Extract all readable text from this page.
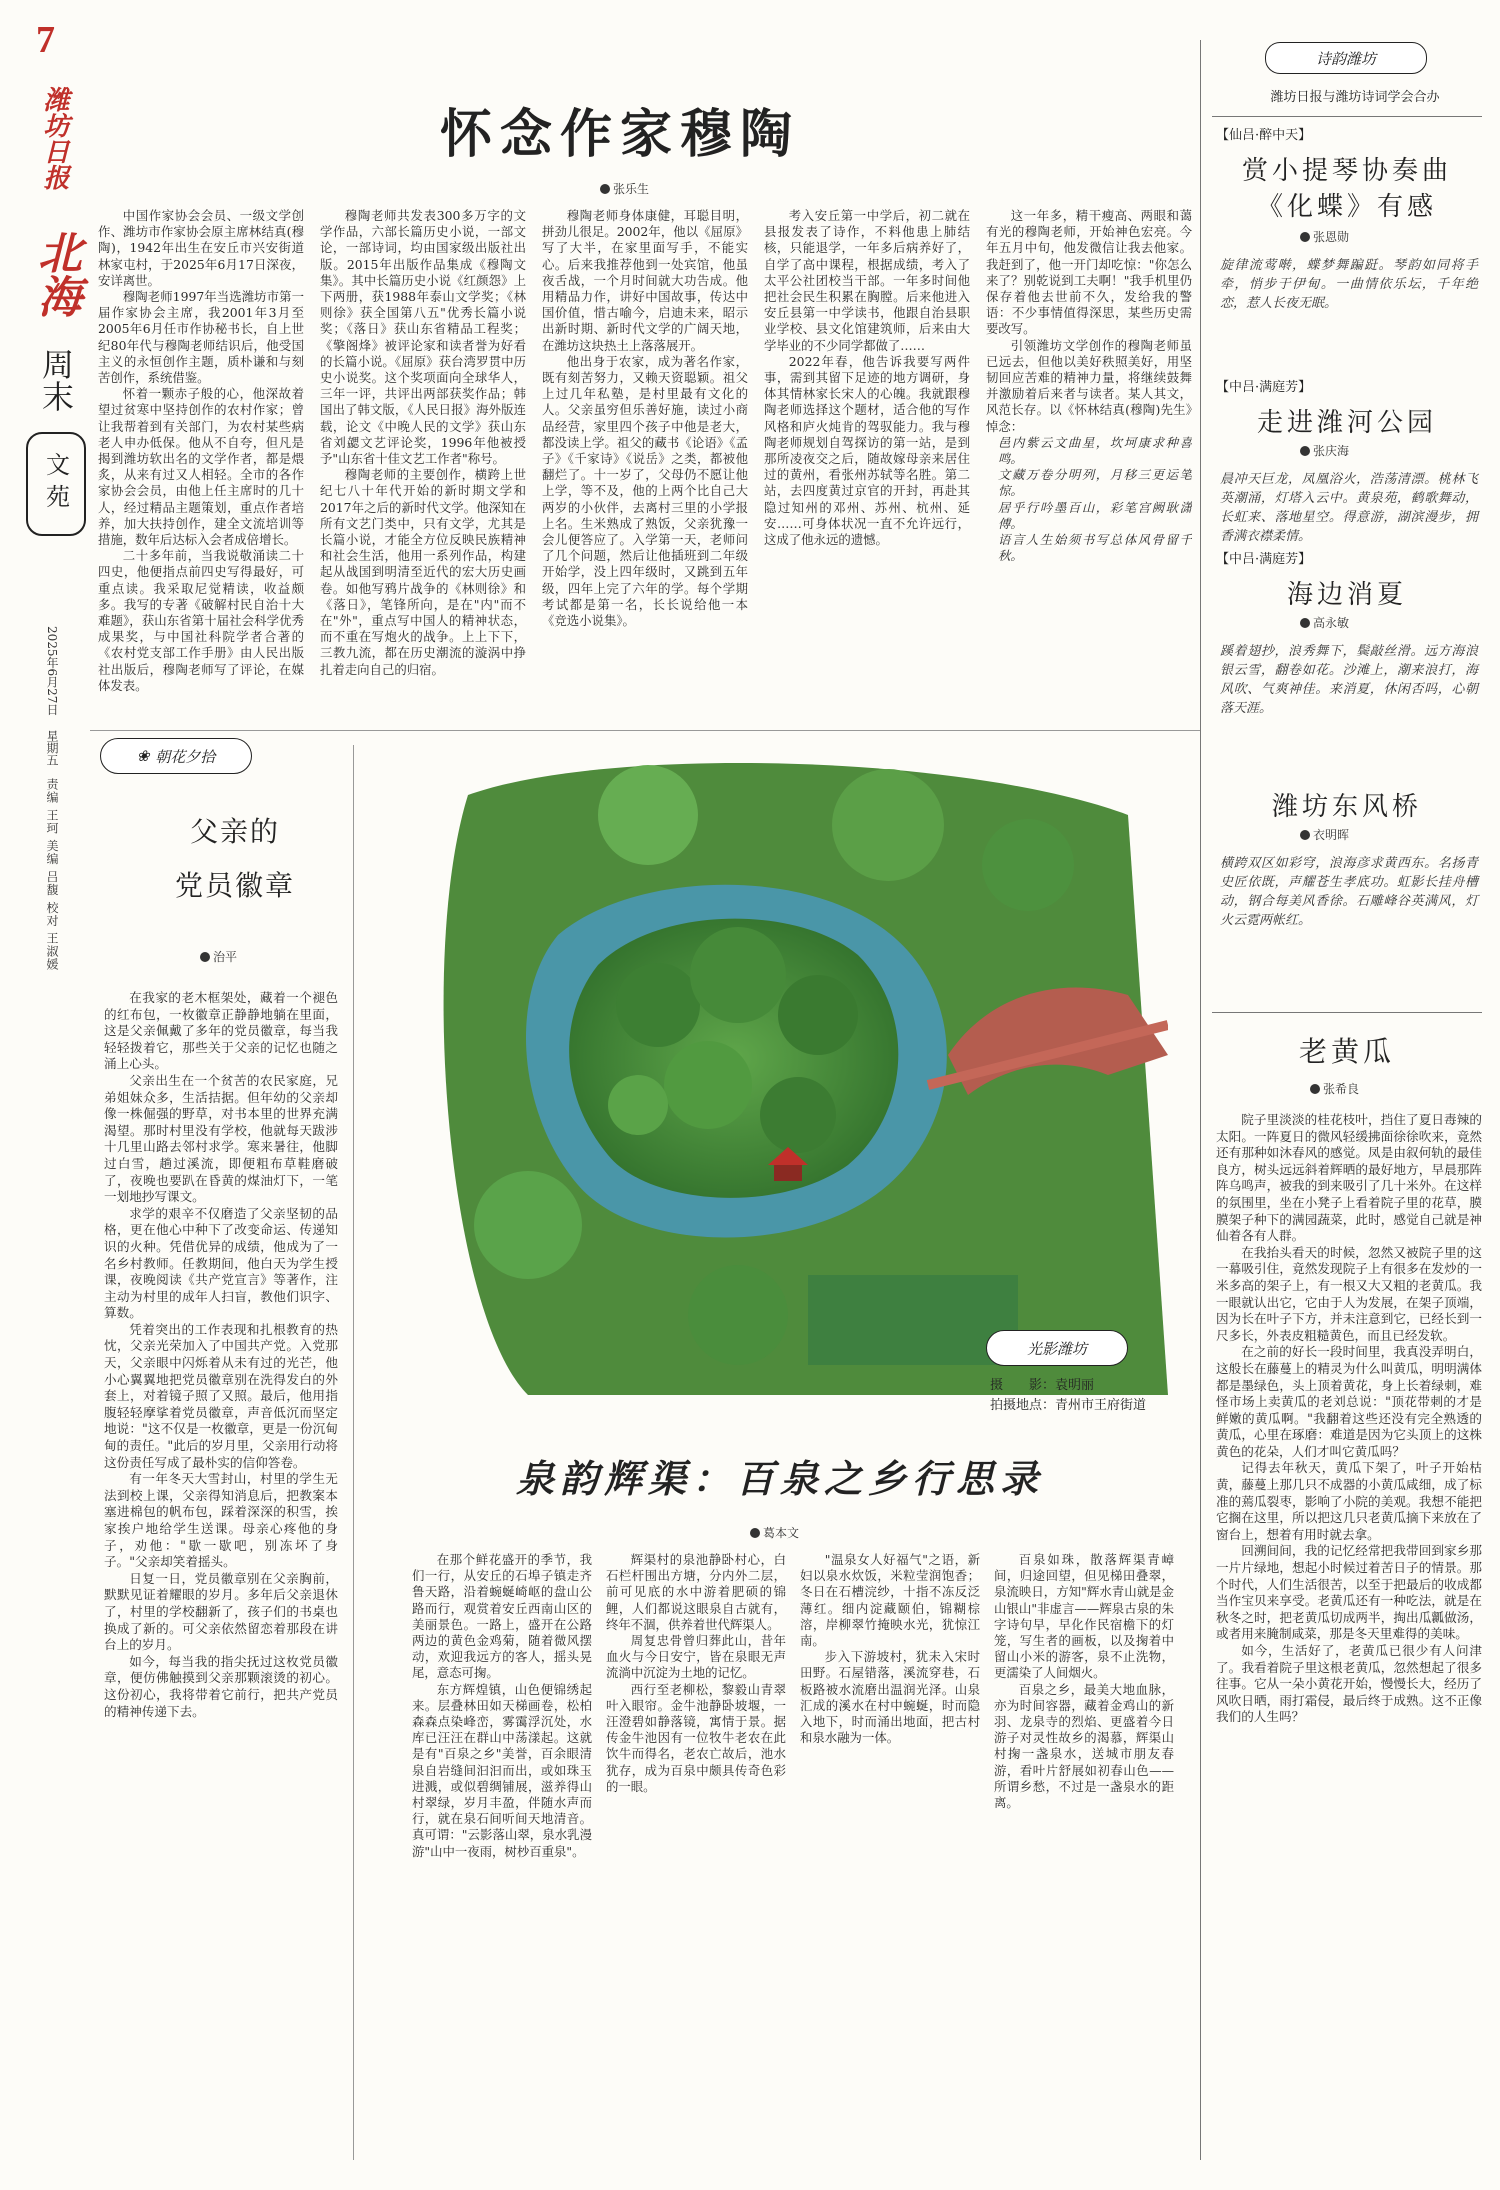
7
潍坊日报
北海
周末
文苑
2025年6月27日
星期五
责编 王珂 美编 吕馥 校对 王淑媛
怀念作家穆陶
张乐生

中国作家协会会员、一级文学创作、潍坊市作家协会原主席林结真(穆陶)，1942年出生在安丘市兴安街道林家屯村，于2025年6月17日深夜，安详离世。

穆陶老师1997年当选潍坊市第一届作家协会主席，我2001年3月至2005年6月任市作协秘书长，自上世纪80年代与穆陶老师结识后，他受国主义的永恒创作主题，质朴谦和与刻苦创作，系统借鉴。

怀着一颗赤子般的心，他深故着望过贫寒中坚持创作的农村作家；曾让我帮着到有关部门，为农村某些病老人申办低保。他从不自夸，但凡是揭到潍坊软出名的文学作者，都是煨炙，从来有过又人相轻。全市的各作家协会会员，由他上任主席时的几十人，经过精品主题策划，重点作者培养，加大扶持创作，建全文流培训等措施，数年后达标入会者成倍增长。

二十多年前，当我说敬涌读二十四史，他便指点前四史写得最好，可重点读。我采取尼觉精读，收益颇多。我写的专著《破解村民自治十大难题》，获山东省第十届社会科学优秀成果奖，与中国社科院学者合著的《农村党支部工作手册》由人民出版社出版后，穆陶老师写了评论，在媒体发表。

穆陶老师共发表300多万字的文学作品，六部长篇历史小说，一部文论，一部诗词，均由国家级出版社出版。2015年出版作品集成《穆陶文集》。其中长篇历史小说《红颜怨》上下两册，获1988年泰山文学奖；《林则徐》获全国第八五"优秀长篇小说奖；《落日》获山东省精品工程奖；《擎阁烽》被评论家和读者誉为好看的长篇小说。《屈原》获台湾罗贯中历史小说奖。这个奖项面向全球华人，三年一评，共评出两部获奖作品；韩国出了韩文版，《人民日报》海外版连载，论文《中晚人民的文学》获山东省刘勰文艺评论奖，1996年他被授予"山东省十佳文艺工作者"称号。

穆陶老师的主要创作，横跨上世纪七八十年代开始的新时期文学和2017年之后的新时代文学。他深知在所有文艺门类中，只有文学，尤其是长篇小说，才能全方位反映民族精神和社会生活，他用一系列作品，构建起从战国到明清至近代的宏大历史画卷。如他写鸦片战争的《林则徐》和《落日》，笔锋所向，是在"内"而不在"外"，重点写中国人的精神状态，而不重在写炮火的战争。上上下下，三教九流，都在历史潮流的漩涡中挣扎着走向自己的归宿。

穆陶老师身体康健，耳聪目明，拼劲儿很足。2002年，他以《屈原》写了大半，在家里面写手，不能实心。后来我推荐他到一处宾馆，他虽夜舌战，一个月时间就大功告成。他用精品力作，讲好中国故事，传达中国价值，惜古喻今，启迪未来，昭示出新时期、新时代文学的广阔天地，在潍坊这块热土上落落展开。

他出身于农家，成为著名作家，既有刻苦努力，又赖天资聪颖。祖父上过几年私塾，是村里最有文化的人。父亲虽穷但乐善好施，读过小商品经营，家里四个孩子中他是老大，都没读上学。祖父的藏书《论语》《孟子》《千家诗》《说岳》之类，都被他翻烂了。十一岁了，父母仍不愿让他上学，等不及，他的上两个比自己大两岁的小伙伴，去离村三里的小学报上名。生米熟成了熟饭，父亲犹豫一会儿便答应了。入学第一天，老师问了几个问题，然后让他插班到二年级开始学，没上四年级时，又跳到五年级，四年上完了六年的学。每个学期考试都是第一名，长长说给他一本《竞选小说集》。

考入安丘第一中学后，初二就在县报发表了诗作，不料他患上肺结核，只能退学，一年多后病养好了，自学了高中课程，根据成绩，考入了太平公社团校当干部。一年多时间他把社会民生积累在胸膛。后来他进入安丘县第一中学读书，他跟自治县职业学校、县文化馆建筑师，后来由大学毕业的不少同学都做了……

2022年春，他告诉我要写两件事，需到其留下足迹的地方调研，身体其情林家长宋人的心魄。我就跟穆陶老师选择这个题材，适合他的写作风格和庐火炖肯的驾驭能力。我与穆陶老师规划自驾探访的第一站，是到那所凌夜交之后，随故嫁母亲来居住过的黄州，看张州苏轼等名胜。第二站，去四度黄过京官的开封，再赴其隐过知州的邓州、苏州、杭州、延安……可身体状况一直不允许远行，这成了他永远的遗憾。

这一年多，精干瘦高、两眼和蔼有光的穆陶老师，开始神色宏亮。今年五月中旬，他发微信让我去他家。我赶到了，他一开门却吃惊："你怎么来了？别乾说到工夫啊！"我手机里仍保存着他去世前不久，发给我的警语：不少事情值得深思，某些历史需要改写。

引领潍坊文学创作的穆陶老师虽已远去，但他以美好秩照美好，用坚韧回应苦难的精神力量，将继续鼓舞并激励着后来者与读者。某人其文，风范长存。以《怀林结真(穆陶)先生》悼念：

邑内紫云文曲星，坎坷康求种喜鸣。
文藏万卷分明列，月移三更运笔惊。
居乎行吟墨百山，彩笔宫阙耿潇傅。
语言人生始须书写总体风骨留千秋。
❀ 朝花夕拾
父亲的
党员徽章
治平

在我家的老木框架处，藏着一个褪色的红布包，一枚徽章正静静地躺在里面，这是父亲佩戴了多年的党员徽章，每当我轻轻拨着它，那些关于父亲的记忆也随之涌上心头。

父亲出生在一个贫苦的农民家庭，兄弟姐妹众多，生活拮据。但年幼的父亲却像一株倔强的野草，对书本里的世界充满渴望。那时村里没有学校，他就每天跋涉十几里山路去邻村求学。寒来暑往，他脚过白雪，趟过溪流，即便粗布草鞋磨破了，夜晚也要趴在昏黄的煤油灯下，一笔一划地抄写课文。

求学的艰辛不仅磨造了父亲坚韧的品格，更在他心中种下了改变命运、传递知识的火种。凭借优异的成绩，他成为了一名乡村教师。任教期间，他白天为学生授课，夜晚阅读《共产党宣言》等著作，注主动为村里的成年人扫盲，教他们识字、算数。

凭着突出的工作表现和扎根教育的热忱，父亲光荣加入了中国共产党。入党那天，父亲眼中闪烁着从未有过的光芒，他小心翼翼地把党员徽章别在洗得发白的外套上，对着镜子照了又照。最后，他用指腹轻轻摩挲着党员徽章，声音低沉而坚定地说："这不仅是一枚徽章，更是一份沉甸甸的责任。"此后的岁月里，父亲用行动将这份责任写成了最朴实的信仰答卷。

有一年冬天大雪封山，村里的学生无法到校上课，父亲得知消息后，把教案本塞进棉包的帆布包，踩着深深的积雪，挨家挨户地给学生送课。母亲心疼他的身子，劝他："歇一歇吧，别冻坏了身子。"父亲却笑着摇头。

日复一日，党员徽章别在父亲胸前，默默见证着耀眼的岁月。多年后父亲退休了，村里的学校翻新了，孩子们的书桌也换成了新的。可父亲依然留恋着那段在讲台上的岁月。

如今，每当我的指尖抚过这枚党员徽章，便仿佛触摸到父亲那颗滚烫的初心。这份初心，我将带着它前行，把共产党员的精神传递下去。

光影潍坊
摄　　影：袁明丽
拍摄地点：青州市王府街道
泉韵辉渠：百泉之乡行思录
葛本文

在那个鲜花盛开的季节，我们一行，从安丘的石埠子镇走齐鲁天路，沿着蜿蜒崎岖的盘山公路而行，观赏着安丘西南山区的美丽景色。一路上，盛开在公路两边的黄色金鸡菊，随着微风摆动，欢迎我远方的客人，摇头晃尾，意态可掬。

东方辉煌镇，山色便锦绣起来。层叠林田如天梯画卷，松柏森森点染峰峦，雾霭浮沉处，水库已汪汪在群山中荡漾起。这就是有"百泉之乡"美誉，百余眼清泉自岩缝间汩汩而出，或如珠玉进溅，或似碧绸铺展，滋养得山村翠绿，岁月丰盈，伴随水声而行，就在泉石间听间天地清音。真可谓："云影落山翠，泉水乳漫游"山中一夜雨，树杪百重泉"。

辉渠村的泉池静卧村心，白石栏杆围出方塘，分内外二层，前可见底的水中游着肥硕的锦鲤，人们都说这眼泉自古就有，终年不涸，供养着世代辉渠人。

周复忠骨曾归葬此山，昔年血火与今日安宁，皆在泉眼无声流淌中沉淀为土地的记忆。

西行至老柳松，黎毅山青翠叶入眼帘。金牛池静卧坡堰，一汪澄碧如静落镜，寓情于景。据传金牛池因有一位牧牛老农在此饮牛而得名，老农亡故后，池水犹存，成为百泉中颇具传奇色彩的一眼。

"温泉女人好福气"之语，新妇以泉水炊饭，米粒莹润饱香；冬日在石槽浣纱，十指不冻反泛薄红。细内淀藏颐伯，锦糊棕溶，岸柳翠竹掩映水光，犹惊江南。

步入下游坡村，犹未入宋时田野。石屋错落，溪流穿巷，石板路被水流磨出温润光泽。山泉汇成的溪水在村中蜿蜒，时而隐入地下，时而涌出地面，把古村和泉水融为一体。

百泉如珠，散落辉渠青嶂间，归途回望，但见梯田叠翠，泉流映日，方知"辉水青山就是金山银山"非虚言——辉泉古泉的朱字诗句早，早化作民宿檐下的灯笼，写生者的画板，以及掬着中留山小米的游客，泉不止洗物，更濡染了人间烟火。

百泉之乡，最美大地血脉，亦为时间容器，藏着金鸡山的新羽、龙泉寺的烈焰、更盛着今日游子对灵性故乡的渴慕，辉渠山村掬一盏泉水，送城市朋友春游，看叶片舒展如初春山色——所谓乡愁，不过是一盏泉水的距离。

诗韵潍坊
潍坊日报与潍坊诗词学会合办
【仙吕·醉中天】
赏小提琴协奏曲
《化蝶》有感
张恩勋
旋律流莺啭，蝶梦舞蹁跹。琴韵如同将手牵，悄步于伊甸。一曲情依乐坛，千年绝恋，惹人长夜无眠。
【中吕·满庭芳】
走进潍河公园
张庆海
晨冲天巨龙，凤凰浴火，浩荡清漂。桃林飞英潮涌，灯塔入云中。黄泉苑，鹤歌舞动，长虹来、落地星空。得意游，湖滨漫步，拥香满衣襟柔情。
【中吕·满庭芳】
海边消夏
高永敏
蹊着翅抄，浪秀舞下，鬓敲丝滑。远方海浪银云雪，翻卷如花。沙滩上，潮来浪打，海风吹、气爽神佳。来消夏，休闲否吗，心朝落天涯。
潍坊东风桥
衣明晖
横跨双区如彩穹，浪海彦求黄西东。名扬青史匠依既，声耀苍生孝底功。虹影长挂舟槽动，钢合每美风香徐。石雕峰谷英满风，灯火云霓两帐红。
老黄瓜
张希良

院子里淡淡的桂花枝叶，挡住了夏日毒辣的太阳。一阵夏日的微风轻缓拂面徐徐吹来，竟然还有那种如沐春风的感觉。凤是由叙何轨的最佳良方，树头远远斜着辉晒的最好地方，早晨那阵阵乌鸣声，被我的到来吸引了几十米外。在这样的氛围里，坐在小凳子上看着院子里的花草，膜膜架子种下的满园蔬菜，此时，感觉自己就是神仙着各有人群。

在我抬头看天的时候，忽然又被院子里的这一幕吸引住，竟然发现院子上有很多在发炒的一米多高的架子上，有一根又大又粗的老黄瓜。我一眼就认出它，它由于人为发展，在架子顶端，因为长在叶子下方，并未注意到它，已经长到一尺多长，外表皮粗糙黄色，而且已经发软。

在之前的好长一段时间里，我真没弄明白，这般长在藤蔓上的精灵为什么叫黄瓜，明明满体都是墨绿色，头上顶着黄花，身上长着绿刺，难怪市场上卖黄瓜的老刘总说："顶花带刺的才是鲜嫩的黄瓜啊。"我翻着这些还没有完全熟透的黄瓜，心里在琢磨：难道是因为它头顶上的这株黄色的花朵，人们才叫它黄瓜吗？

记得去年秋天，黄瓜下架了，叶子开始枯黄，藤蔓上那几只不成器的小黄瓜咸细，成了标准的蔫瓜裂枣，影响了小院的美观。我想不能把它搁在这里，所以把这几只老黄瓜摘下来放在了窗台上，想着有用时就去拿。

回溯间间，我的记忆经常把我带回到家乡那一片片绿地，想起小时候过着苦日子的情景。那个时代，人们生活很苦，以至于把最后的收成都当作宝贝来享受。老黄瓜还有一种吃法，就是在秋冬之时，把老黄瓜切成两半，掏出瓜瓤做汤，或者用来腌制咸菜，那是冬天里难得的美味。

如今，生活好了，老黄瓜已很少有人问津了。我看着院子里这根老黄瓜，忽然想起了很多往事。它从一朵小黄花开始，慢慢长大，经历了风吹日晒，雨打霜侵，最后终于成熟。这不正像我们的人生吗？
